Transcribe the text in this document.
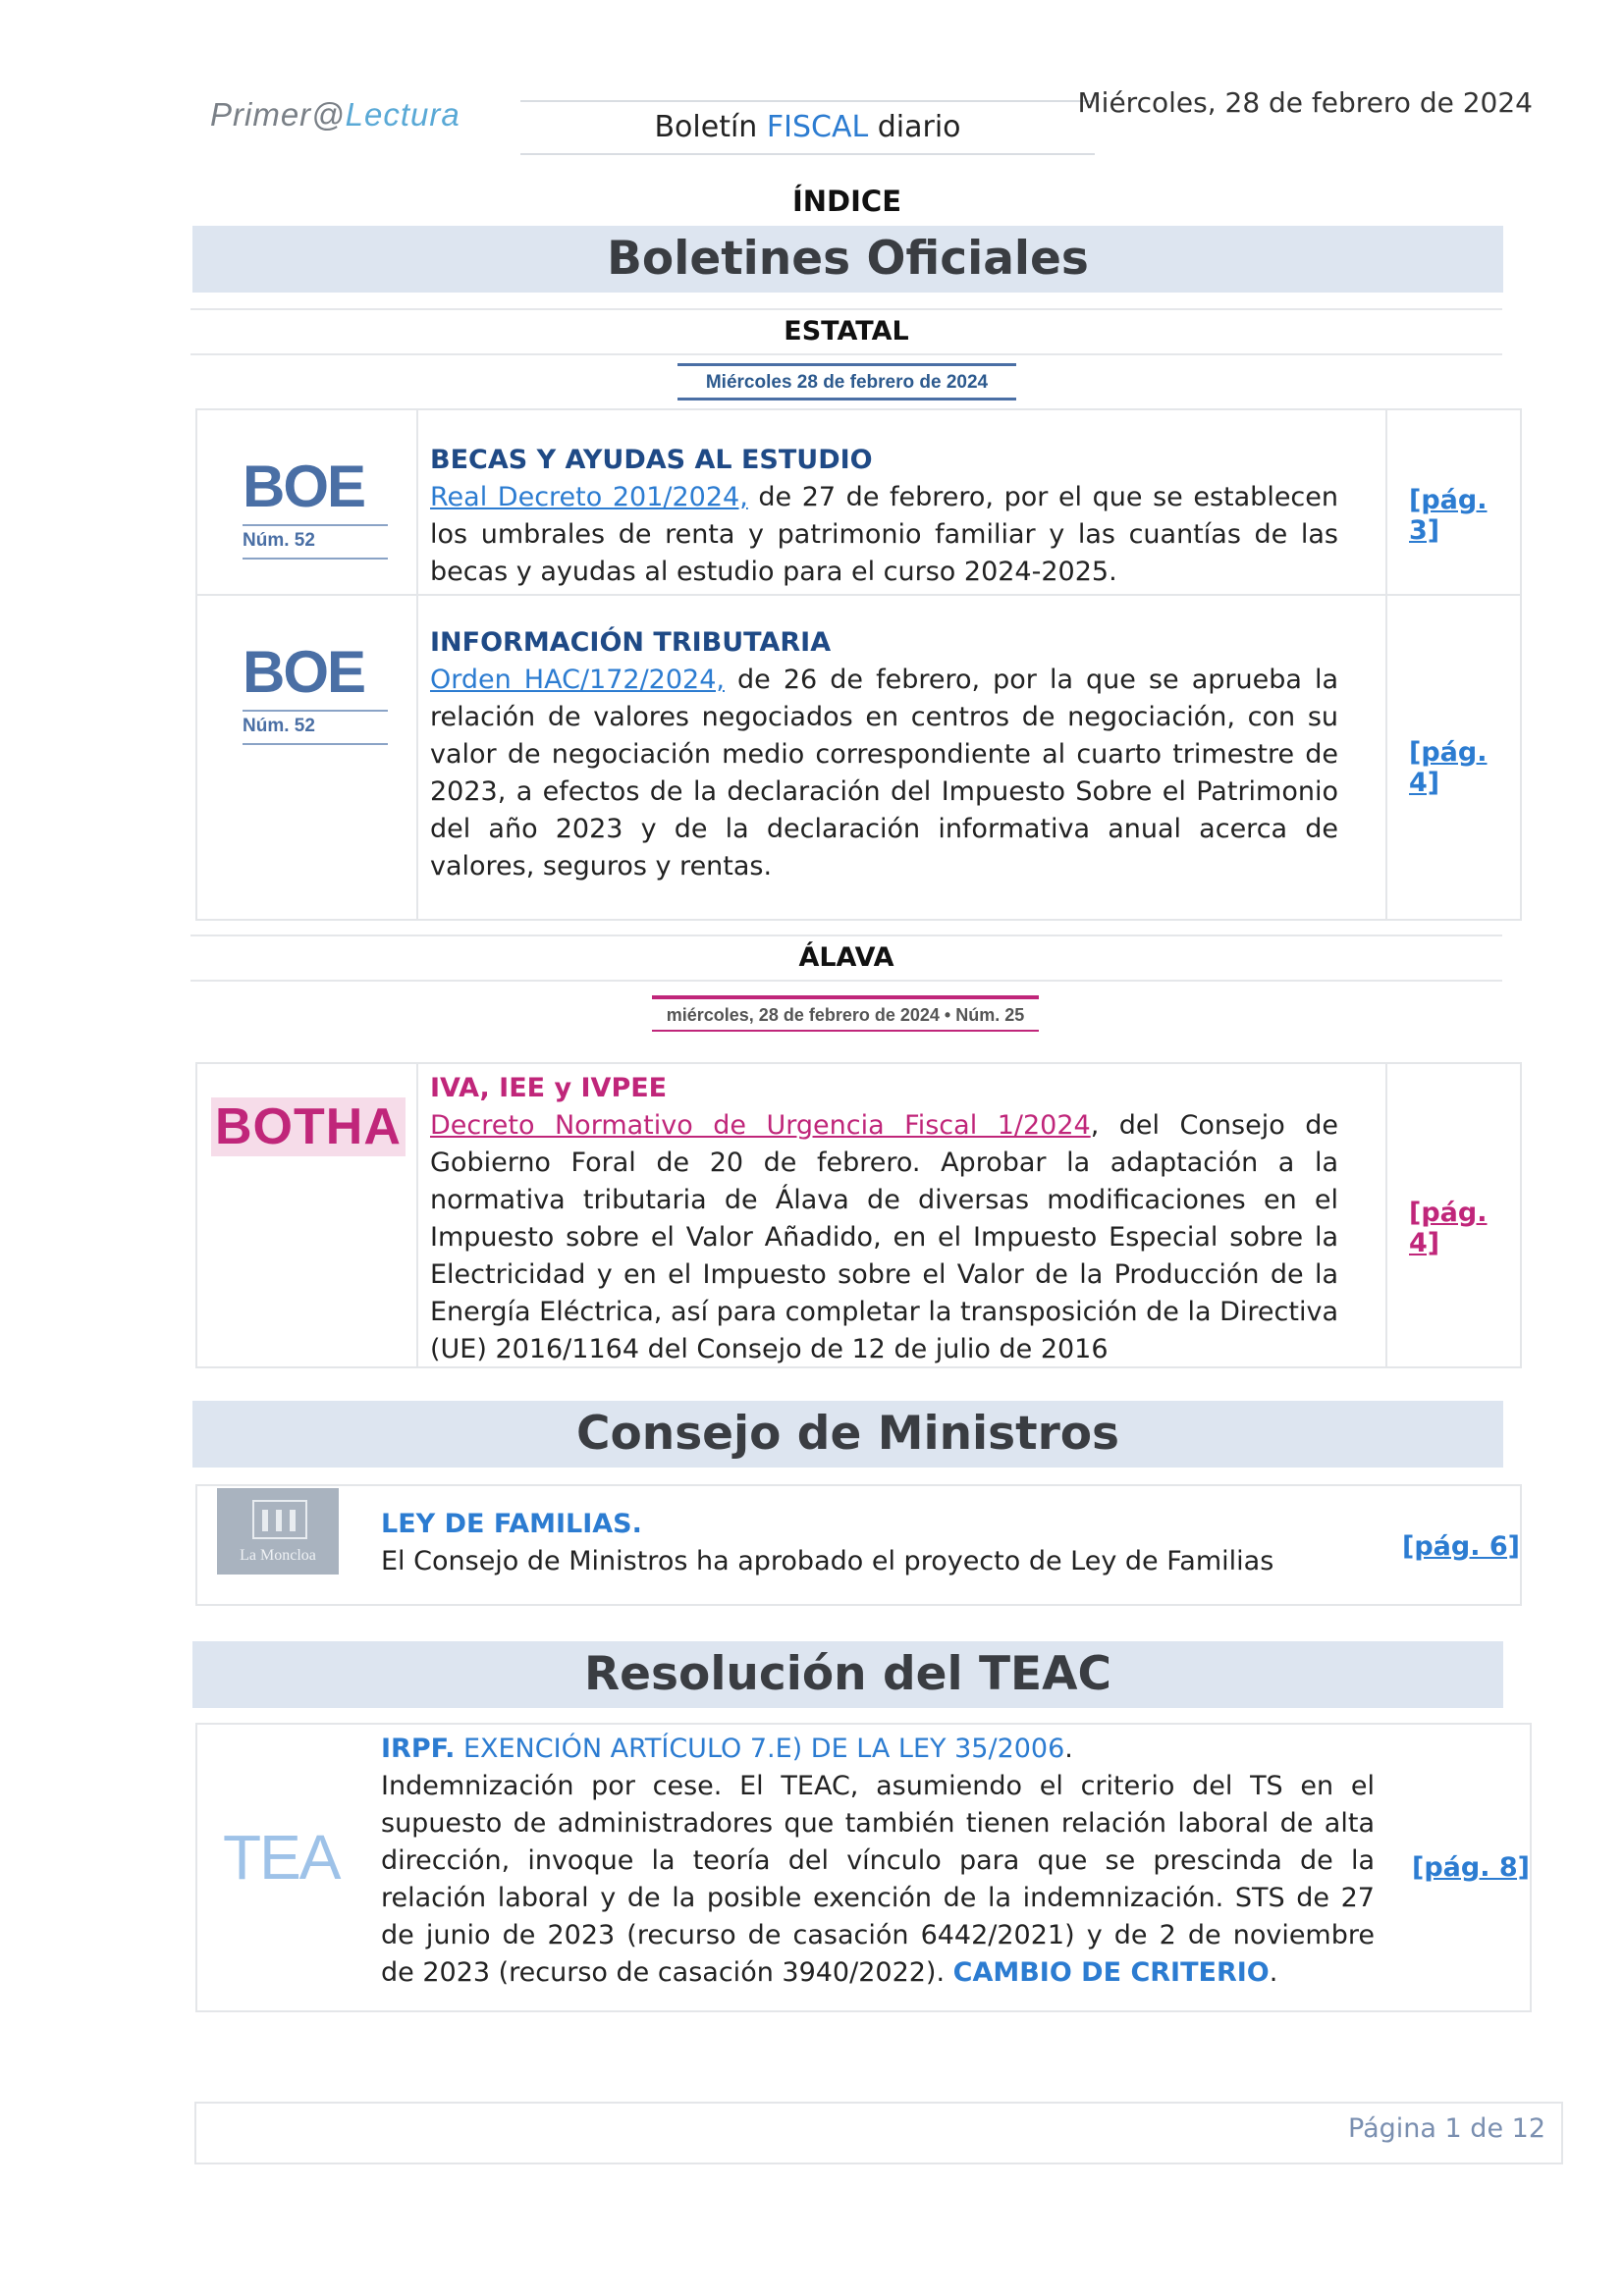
Primer@Lectura	Boletín FISCAL diario
Miércoles, 28 de febrero de 2024
ÍNDICE
Boletines Oficiales
ESTATAL
Miércoles 28 de febrero de 2024
BOE
Núm. 52
BECAS Y AYUDAS AL ESTUDIO
Real Decreto 201/2024, de 27 de febrero, por el que se establecen los umbrales de renta y patrimonio familiar y las cuantías de las becas y ayudas al estudio para el curso 2024-2025.
[pág. 3]
BOE
Núm. 52
INFORMACIÓN TRIBUTARIA
Orden HAC/172/2024, de 26 de febrero, por la que se aprueba la relación de valores negociados en centros de negociación, con su valor de negociación medio correspondiente al cuarto trimestre de 2023, a efectos de la declaración del Impuesto Sobre el Patrimonio del año 2023 y de la declaración informativa anual acerca de valores, seguros y rentas.
[pág. 4]
ÁLAVA
miércoles, 28 de febrero de 2024 • Núm. 25
BOTHA
IVA, IEE y IVPEE
Decreto Normativo de Urgencia Fiscal 1/2024, del Consejo de Gobierno Foral de 20 de febrero. Aprobar la adaptación a la normativa tributaria de Álava de diversas modificaciones en el Impuesto sobre el Valor Añadido, en el Impuesto Especial sobre la Electricidad y en el Impuesto sobre el Valor de la Producción de la Energía Eléctrica, así para completar la transposición de la Directiva (UE) 2016/1164 del Consejo de 12 de julio de 2016
[pág. 4]
Consejo de Ministros
La Moncloa
LEY DE FAMILIAS.
El Consejo de Ministros ha aprobado el proyecto de Ley de Familias	[pág. 6]
Resolución del TEAC
TEA
IRPF. EXENCIÓN ARTÍCULO 7.E) DE LA LEY 35/2006.
Indemnización por cese. El TEAC, asumiendo el criterio del TS en el supuesto de administradores que también tienen relación laboral de alta dirección, invoque la teoría del vínculo para que se prescinda de la relación laboral y de la posible exención de la indemnización. STS de 27 de junio de 2023 (recurso de casación 6442/2021) y de 2 de noviembre de 2023 (recurso de casación 3940/2022). CAMBIO DE CRITERIO.
[pág. 8]
Página 1 de 12
